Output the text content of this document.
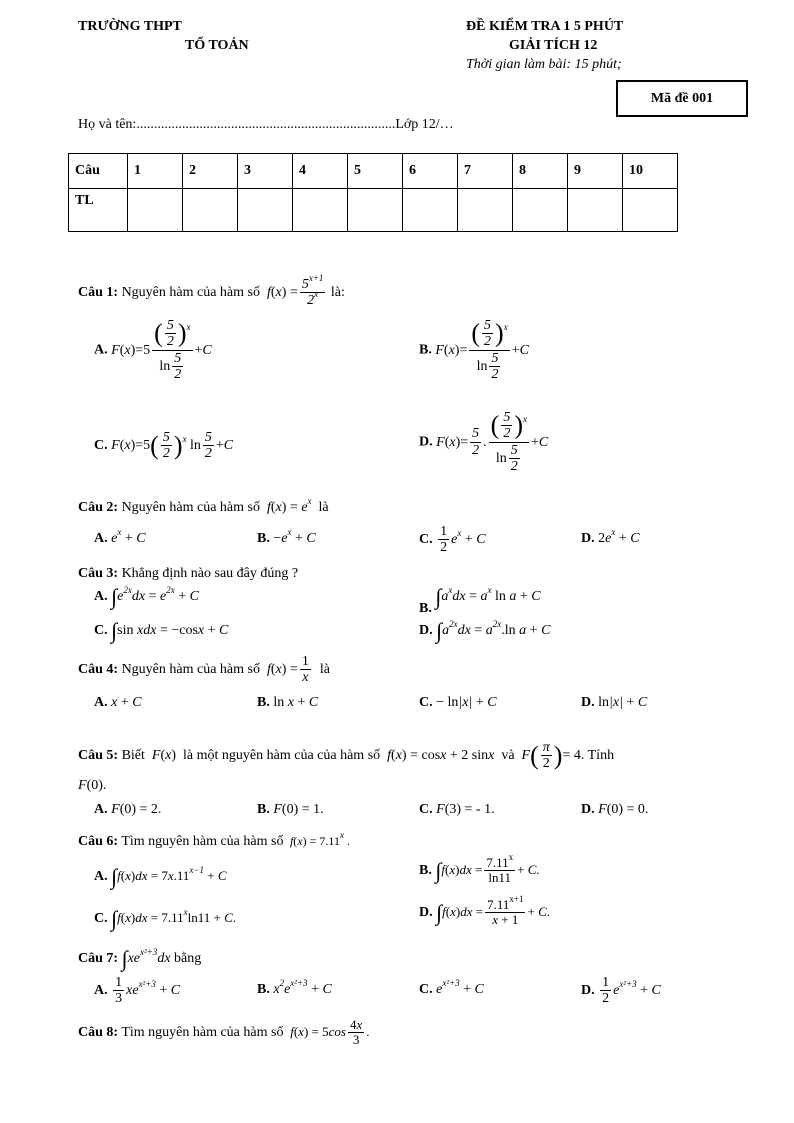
TRƯỜNG THPT
TỔ TOÁN
ĐỀ KIỂM TRA 1 5 PHÚT
GIẢI TÍCH 12
Thời gian làm bài: 15 phút;
Mã đề 001
Họ và tên:..........................................................................Lớp 12/…
Câu	1	2	3	4	5	6	7	8	9	10
TL										
Câu 1: Nguyên hàm của hàm số  $f(x) = \frac{5^{x+1}}{2^x}$ là:
A. $F(x)=5 \frac{( \frac{5}{2} )^x}{\ln \frac{5}{2}} +C$	B. $F(x)= \frac{( \frac{5}{2} )^x}{\ln \frac{5}{2}} +C$
C. $F(x)=5( \frac{5}{2} )^x$ $\ln \frac{5}{2} +C$	D. $F(x)= \frac{5}{2}$ . $\frac{( \frac{5}{2} )^x}{\ln \frac{5}{2}} +C$
Câu 2: Nguyên hàm của hàm số  $f(x) = e^x$ là
A. $e^x + C$	B. $-e^x + C$	C. $\frac{1}{2} e^x + C$	D. $2e^x + C$
Câu 3: Khẳng định nào sau đây đúng ?
A. $\int e^{2x}dx = e^{2x} + C$
B. $\int a^xdx = a^x$ ln a + C
C. ∫sin xdx = −cosx + C	D. $\int a^{2x}dx = a^{2x}.\ln$ a + C
Câu 4: Nguyên hàm của hàm số  $f(x) = \frac{1}{x}$ là
A. x + C	B. ln x + C	C. − ln|x| + C	D. ln|x| + C
Câu 5: Biết  F(x) là một nguyên hàm của của hàm số  f(x) = cosx + 2 sinx  và  $F( \frac{\pi}{2}$ )= 4. Tính
F(0).
A. F(0) = 2.	B. F(0) = 1.	C. F(3) = - 1.	D. F(0) = 0.
Câu 6: Tìm nguyên hàm của hàm số  $f(x) = 7.11^x$ .
A. $\int f(x)dx = 7x.11^{x-1} + C$	B. $\int f(x)dx = \frac{7.11^x}{\ln 11} + C$.
C. $\int f(x)dx = 7.11^x\ln 11 + C$.	D. $\int f(x)dx = \frac{7.11^{x+1}}{x + 1} + C$.
Câu 7: $\int xe^{x^2+3}dx$ bằng
A. $\frac{1}{3} xe^{x^2+3} + C$	B. $x^2e^{x^2+3} + C$	C. $e^{x^2+3} + C$	D. $\frac{1}{2} e^{x^2+3} + C$
Câu 8: Tìm nguyên hàm của hàm số  $f(x) = 5\cos \frac{4x}{3}$ .
